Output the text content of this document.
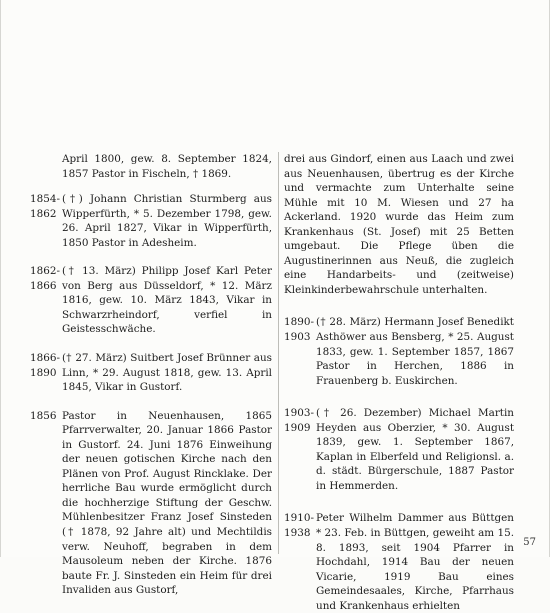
April 1800, gew. 8. September 1824, 1857 Pastor in Fischeln, † 1869.

1854-
1862
(†) Johann Christian Sturmberg aus Wipperfürth, * 5. Dezember 1798, gew. 26. April 1827, Vikar in Wipperfürth, 1850 Pastor in Adesheim.
1862-
1866
(† 13. März) Philipp Josef Karl Peter von Berg aus Düsseldorf, * 12. März 1816, gew. 10. März 1843, Vikar in Schwarzrheindorf, verfiel in Geistesschwäche.
1866-
1890
(† 27. März) Suitbert Josef Brünner aus Linn, * 29. August 1818, gew. 13. April 1845, Vikar in Gustorf.
1856 Pastor in Neuenhausen, 1865 Pfarrverwalter, 20. Januar 1866 Pastor in Gustorf. 24. Juni 1876 Einweihung der neuen gotischen Kirche nach den Plänen von Prof. August Rincklake. Der herrliche Bau wurde ermöglicht durch die hochherzige Stiftung der Geschw. Mühlenbesitzer Franz Josef Sinsteden († 1878, 92 Jahre alt) und Mechtildis verw. Neuhoff, begraben in dem Mausoleum neben der Kirche. 1876 baute Fr. J. Sinsteden ein Heim für drei Invaliden aus Gustorf,

drei aus Gindorf, einen aus Laach und zwei aus Neuenhausen, übertrug es der Kirche und vermachte zum Unterhalte seine Mühle mit 10 M. Wiesen und 27 ha Ackerland. 1920 wurde das Heim zum Krankenhaus (St. Josef) mit 25 Betten umgebaut. Die Pflege üben die Augustinerinnen aus Neuß, die zugleich eine Handarbeits- und (zeitweise) Kleinkinderbewahrschule unterhalten.

1890-
1903
(† 28. März) Hermann Josef Benedikt Asthöwer aus Bensberg, * 25. August 1833, gew. 1. September 1857, 1867 Pastor in Herchen, 1886 in Frauenberg b. Euskirchen.
1903-
1909
(† 26. Dezember) Michael Martin Heyden aus Oberzier, * 30. August 1839, gew. 1. September 1867, Kaplan in Elberfeld und Religionsl. a. d. städt. Bürgerschule, 1887 Pastor in Hemmerden.
1910-
1938
Peter Wilhelm Dammer aus Büttgen * 23. Feb. in Büttgen, geweiht am 15. 8. 1893, seit 1904 Pfarrer in Hochdahl, 1914 Bau der neuen Vicarie, 1919 Bau eines Gemeindesaales, Kirche, Pfarrhaus und Krankenhaus erhielten
57
